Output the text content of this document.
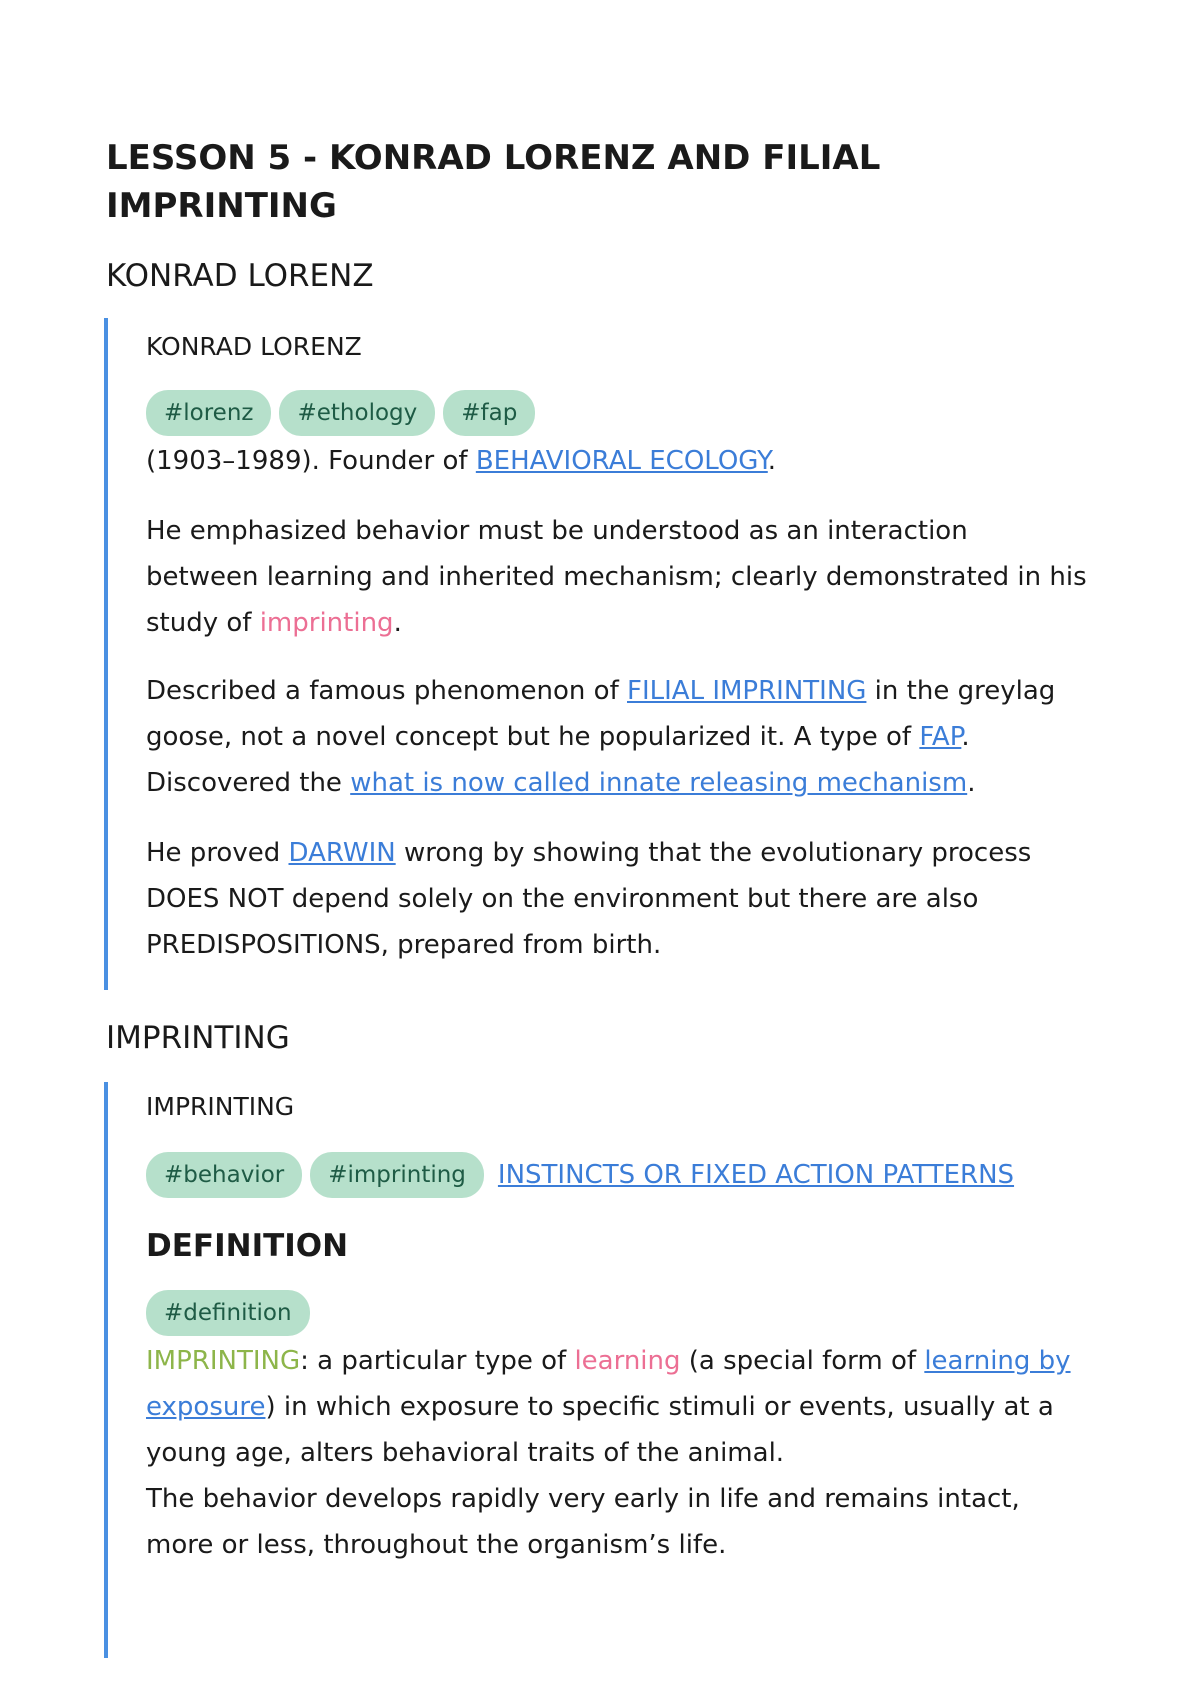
LESSON 5 - KONRAD LORENZ AND FILIAL
IMPRINTING
KONRAD LORENZ
KONRAD LORENZ
#lorenz	#ethology	#fap
(1903–1989). Founder of BEHAVIORAL ECOLOGY.
He emphasized behavior must be understood as an interaction
between learning and inherited mechanism; clearly demonstrated in his
study of imprinting.
Described a famous phenomenon of FILIAL IMPRINTING in the greylag
goose, not a novel concept but he popularized it. A type of FAP.
Discovered the what is now called innate releasing mechanism.
He proved DARWIN wrong by showing that the evolutionary process
DOES NOT depend solely on the environment but there are also
PREDISPOSITIONS, prepared from birth.
IMPRINTING
IMPRINTING
#behavior	#imprinting	INSTINCTS OR FIXED ACTION PATTERNS
DEFINITION
#definition
IMPRINTING: a particular type of learning (a special form of learning by
exposure) in which exposure to specific stimuli or events, usually at a
young age, alters behavioral traits of the animal.
The behavior develops rapidly very early in life and remains intact,
more or less, throughout the organism’s life.
